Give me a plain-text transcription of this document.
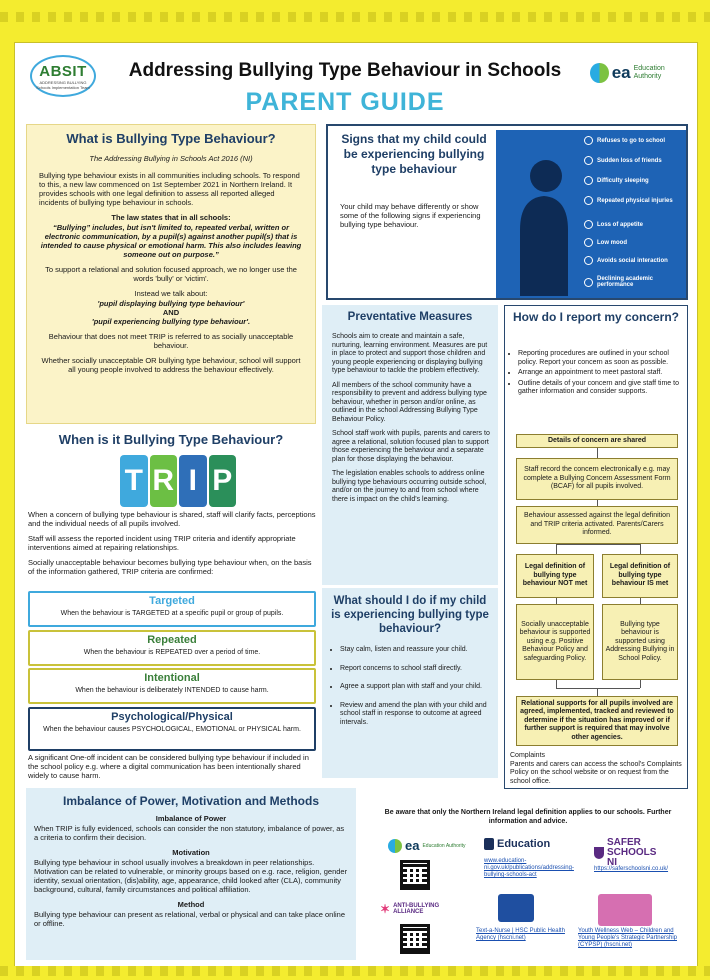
ABSIT
ADDRESSING BULLYING Schools Implementation Team
Addressing Bullying Type Behaviour in Schools
PARENT GUIDE
ea Education Authority
What is Bullying Type Behaviour?
The Addressing Bullying in Schools Act 2016 (NI)

Bullying type behaviour exists in all communities including schools. To respond to this, a new law commenced on 1st September 2021 in Northern Ireland. It provides schools with one legal definition to assess all reported alleged incidents of bullying type behaviour in schools.

The law states that in all schools:

“Bullying” includes, but isn't limited to, repeated verbal, written or electronic communication, by a pupil(s) against another pupil(s) that is intended to cause physical or emotional harm. This also includes leaving someone out on purpose.”

To support a relational and solution focused approach, we no longer use the words 'bully' or 'victim'.

Instead we talk about:

'pupil displaying bullying type behaviour'

AND

'pupil experiencing bullying type behaviour'.

Behaviour that does not meet TRIP is referred to as socially unacceptable behaviour.

Whether socially unacceptable OR bullying type behaviour, school will support all young people involved to address the behaviour effectively.

When is it Bullying Type Behaviour?
T R I P

When a concern of bullying type behaviour is shared, staff will clarify facts, perceptions and the individual needs of all pupils involved.

Staff will assess the reported incident using TRIP criteria and identify appropriate interventions aimed at repairing relationships.

Socially unacceptable behaviour becomes bullying type behaviour when, on the basis of the information gathered, TRIP criteria are confirmed:

Targeted
When the behaviour is TARGETED at a specific pupil or group of pupils.
Repeated
When the behaviour is REPEATED over a period of time.
Intentional
When the behaviour is deliberately INTENDED to cause harm.
Psychological/Physical
When the behaviour causes PSYCHOLOGICAL, EMOTIONAL or PHYSICAL harm.
A significant One-off incident can be considered bullying type behaviour if included in the school policy e.g. where a digital communication has been intentionally shared widely to cause harm.
Imbalance of Power, Motivation and Methods

Imbalance of Power

When TRIP is fully evidenced, schools can consider the non statutory, imbalance of power, as a criteria to confirm their decision.

Motivation

Bullying type behaviour in school usually involves a breakdown in peer relationships. Motivation can be related to vulnerable, or minority groups based on e.g. race, religion, gender identity, sexual orientation, (dis)ability, age, appearance, child looked after (CLA), community background, cultural, family circumstances and political affiliation.

Method

Bullying type behaviour can present as relational, verbal or physical and can take place online or offline.

Signs that my child could be experiencing bullying type behaviour
Your child may behave differently or show some of the following signs if experiencing bullying type behaviour.
Refuses to go to school
Sudden loss of friends
Difficulty sleeping
Repeated physical injuries
Loss of appetite
Low mood
Avoids social interaction
Declining academic performance
Preventative Measures

Schools aim to create and maintain a safe, nurturing, learning environment. Measures are put in place to protect and support those children and young people experiencing or displaying bullying type behaviour to tackle the problem effectively.

All members of the school community have a responsibility to prevent and address bullying type behaviour, whether in person and/or online, as outlined in the school Addressing Bullying Type Behaviour Policy.

School staff work with pupils, parents and carers to agree a relational, solution focused plan to support those experiencing the behaviour and a separate plan for those displaying the behaviour.

The legislation enables schools to address online bullying type behaviours occurring outside school, and/or on the journey to and from school where there is impact on the child's learning.

What should I do if my child is experiencing bullying type behaviour?
• Stay calm, listen and reassure your child.
• Report concerns to school staff directly.
• Agree a support plan with staff and your child.
• Review and amend the plan with your child and school staff in response to outcome at agreed intervals.
How do I report my concern?
• Reporting procedures are outlined in your school policy. Report your concern as soon as possible.
• Arrange an appointment to meet pastoral staff.
• Outline details of your concern and give staff time to gather information and consider supports.
Details of concern are shared
Staff record the concern electronically e.g. may complete a Bullying Concern Assessment Form (BCAF) for all pupils involved.
Behaviour assessed against the legal definition and TRIP criteria activated. Parents/Carers informed.
Legal definition of bullying type behaviour NOT met
Legal definition of bullying type behaviour IS met
Socially unacceptable behaviour is supported using e.g. Positive Behaviour Policy and safeguarding Policy.
Bullying type behaviour is supported using Addressing Bullying in School Policy.
Relational supports for all pupils involved are agreed, implemented, tracked and reviewed to determine if the situation has improved or if further support is required that may involve other agencies.
Complaints
Parents and carers can access the school's Complaints Policy on the school website or on request from the school office.
Be aware that only the Northern Ireland legal definition applies to our schools. Further information and advice.
ea Education Authority	Education
www.education-ni.gov.uk/publications/addressing-bullying-schools-act
SAFER SCHOOLS NI
https://saferschoolsni.co.uk/
✶ ANTI-BULLYING ALLIANCE
Text-a-Nurse | HSC Public Health Agency (hscni.net)
Youth Wellness Web – Children and Young People's Strategic Partnership (CYPSP) (hscni.net)
